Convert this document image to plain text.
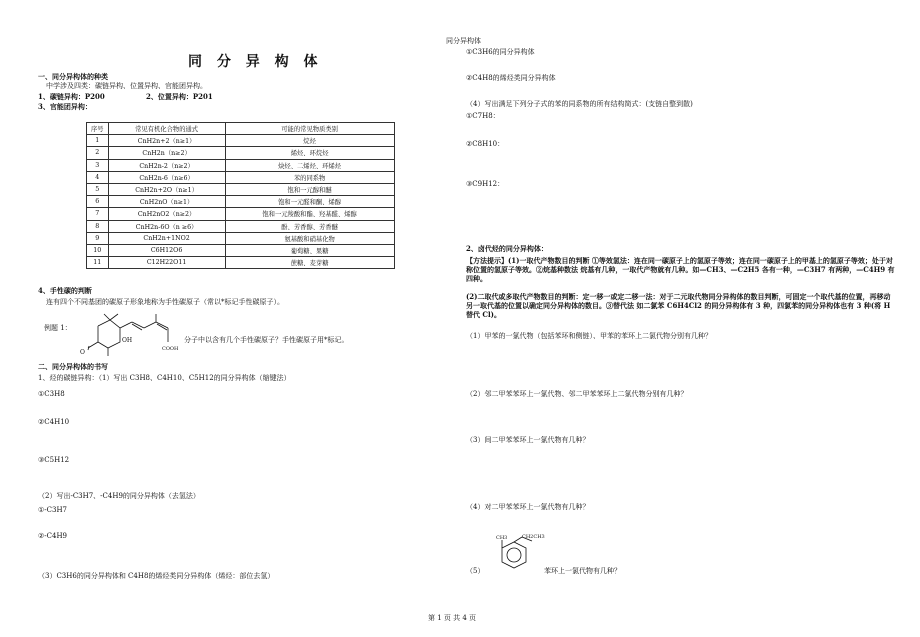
同分异构体
同 分 异 构 体
一、同分异构体的种类
中学涉及四类：碳链异构、位置异构、官能团异构。
1、碳链异构：P200	2、位置异构：P201
3、官能团异构：
序号	常见有机化合物的通式	可能的常见物质类别
1	CnH2n+2（n≥1）	烷烃
2	CnH2n（n≥2）	烯烃、环烷烃
3	CnH2n-2（n≥2）	炔烃、二烯烃、环烯烃
4	CnH2n-6（n≥6）	苯的同系物
5	CnH2n+2O（n≥1）	饱和一元醇和醚
6	CnH2nO（n≥1）	饱和一元醛和酮、烯醇
7	CnH2nO2（n≥2）	饱和一元羧酸和酯、羟基醛、烯醇
8	CnH2n-6O（n ≥6）	酚、芳香醇、芳香醚
9	CnH2n+1NO2	氨基酸和硝基化物
10	C6H12O6	葡萄糖、果糖
11	C12H22O11	蔗糖、麦芽糖
4、手性碳的判断
连有四个不同基团的碳原子形象地称为手性碳原子（常以*标记手性碳原子）。
例题 1：
O
OH
COOH
分子中以含有几个手性碳原子？手性碳原子用*标记。
二、同分异构体的书写
1、烃的碳链异构：（1）写出 C3H8、C4H10、C5H12的同分异构体（缩键法）
①C3H8
②C4H10
③C5H12
（2）写出-C3H7、-C4H9的同分异构体（去氢法）
①-C3H7
②-C4H9
（3）C3H6的同分异构体和 C4H8的烯烃类同分异构体（烯烃：部位去氢）
①C3H6的同分异构体
②C4H8的烯烃类同分异构体
（4）写出满足下列分子式的苯的同系物的所有结构简式：(支链自整到散)
①C7H8：
②C8H10：
③C9H12：
2、卤代烃的同分异构体：
【方法提示】(1)一取代产物数目的判断 ①等效氢法：连在同一碳原子上的氢原子等效；连在同一碳原子上的甲基上的氢原子等效；处于对称位置的氢原子等效。②烷基种数法 烷基有几种，一取代产物就有几种。如—CH3、—C2H5 各有一种，—C3H7 有两种，—C4H9 有四种。
(2)二取代或多取代产物数目的判断：定一移一或定二移一法：对于二元取代物同分异构体的数目判断，可固定一个取代基的位置，再移动另一取代基的位置以确定同分异构体的数目。③替代法 如二氯苯 C6H4Cl2 的同分异构体有 3 种，四氯苯的同分异构体也有 3 种(将 H 替代 Cl)。
（1）甲苯的一氯代物（包括苯环和侧链）、甲苯的苯环上二氯代物分别有几种？
（2）邻二甲苯苯环上一氯代物、邻二甲苯苯环上二氯代物分别有几种？
（3）间二甲苯苯环上一氯代物有几种？
（4）对二甲苯苯环上一氯代物有几种？
CH3	CH2CH3
（5）	苯环上一氯代物有几种？
第 1 页 共 4 页
